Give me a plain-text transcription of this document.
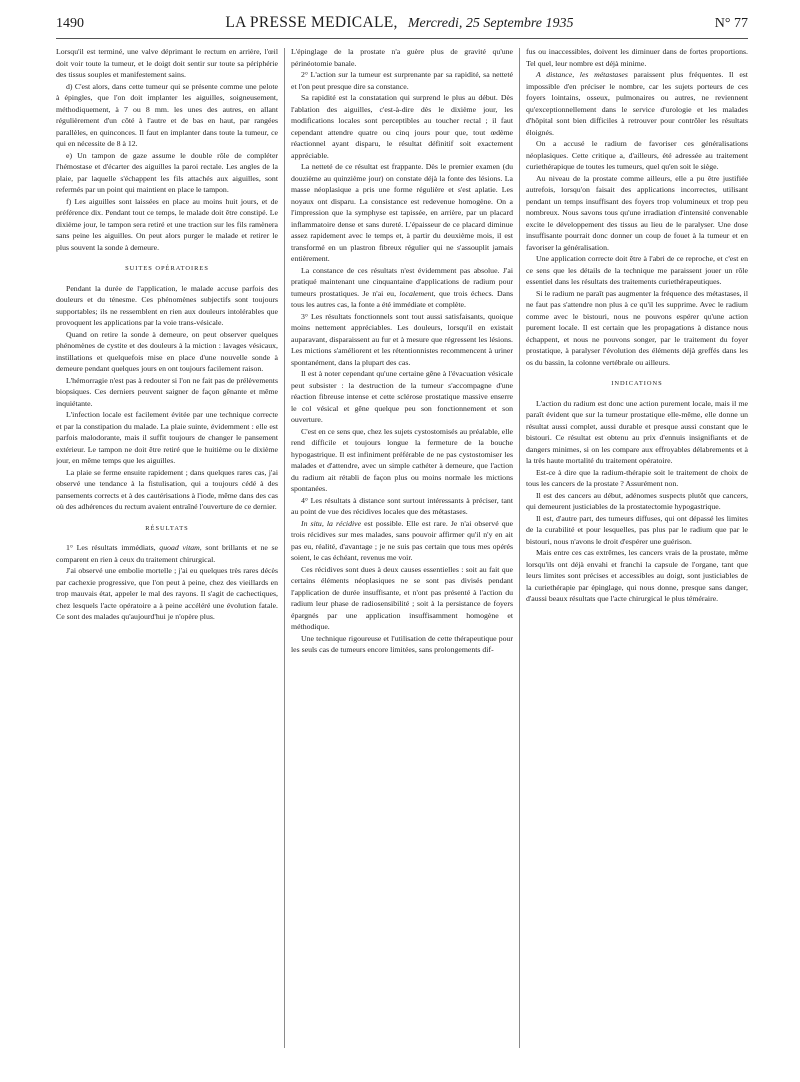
1490	LA PRESSE MEDICALE, Mercredi, 25 Septembre 1935	N° 77

Lorsqu'il est terminé, une valve déprimant le rectum en arrière, l'œil doit voir toute la tumeur, et le doigt doit sentir sur toute sa périphérie des tissus souples et manifestement sains.

d) C'est alors, dans cette tumeur qui se présente comme une pelote à épingles, que l'on doit implanter les aiguilles, soigneusement, méthodiquement, à 7 ou 8 mm. les unes des autres, en allant régulièrement d'un côté à l'autre et de bas en haut, par rangées parallèles, en quinconces. Il faut en implanter dans toute la tumeur, ce qui en nécessite de 8 à 12.

e) Un tampon de gaze assume le double rôle de compléter l'hémostase et d'écarter des aiguilles la paroi rectale. Les angles de la plaie, par laquelle s'échappent les fils attachés aux aiguilles, sont refermés par un point qui maintient en place le tampon.

f) Les aiguilles sont laissées en place au moins huit jours, et de préférence dix. Pendant tout ce temps, le malade doit être constipé. Le dixième jour, le tampon sera retiré et une traction sur les fils ramènera sans peine les aiguilles. On peut alors purger le malade et retirer le plus souvent la sonde à demeure.

SUITES OPÉRATOIRES

Pendant la durée de l'application, le malade accuse parfois des douleurs et du ténesme. Ces phénomènes subjectifs sont toujours supportables; ils ne ressemblent en rien aux douleurs intolérables que provoquent les applications par la voie trans-vésicale.

Quand on retire la sonde à demeure, on peut observer quelques phénomènes de cystite et des douleurs à la miction : lavages vésicaux, instillations et quelquefois mise en place d'une nouvelle sonde à demeure pendant quelques jours en ont toujours facilement raison.

L'hémorragie n'est pas à redouter si l'on ne fait pas de prélèvements biopsiques. Ces derniers peuvent saigner de façon gênante et même inquiétante.

L'infection locale est facilement évitée par une technique correcte et par la constipation du malade. La plaie suinte, évidemment : elle est parfois malodorante, mais il suffit toujours de changer le pansement extérieur. Le tampon ne doit être retiré que le huitième ou le dixième jour, en même temps que les aiguilles.

La plaie se ferme ensuite rapidement ; dans quelques rares cas, j'ai observé une tendance à la fistulisation, qui a toujours cédé à des pansements corrects et à des cautérisations à l'iode, même dans des cas où des adhérences du rectum avaient entraîné l'ouverture de ce dernier.

RÉSULTATS

1° Les résultats immédiats, quoad vitam, sont brillants et ne se comparent en rien à ceux du traitement chirurgical.

J'ai observé une embolie mortelle ; j'ai eu quelques très rares décès par cachexie progressive, que l'on peut à peine, chez des vieillards en trop mauvais état, appeler le mal des rayons. Il s'agit de cachectiques, chez lesquels l'acte opératoire a à peine accéléré une évolution fatale. Ce sont des malades qu'aujourd'hui je n'opère plus.

L'épinglage de la prostate n'a guère plus de gravité qu'une périnéotomie banale.

2° L'action sur la tumeur est surprenante par sa rapidité, sa netteté et l'on peut presque dire sa constance.

Sa rapidité est la constatation qui surprend le plus au début. Dès l'ablation des aiguilles, c'est-à-dire dès le dixième jour, les modifications locales sont perceptibles au toucher rectal ; il faut cependant attendre quatre ou cinq jours pour que, tout œdème réactionnel ayant disparu, le résultat définitif soit exactement appréciable.

La netteté de ce résultat est frappante. Dès le premier examen (du douzième au quinzième jour) on constate déjà la fonte des lésions. La masse néoplasique a pris une forme régulière et s'est aplatie. Les noyaux ont disparu. La consistance est redevenue homogène. On a l'impression que la symphyse est tapissée, en arrière, par un placard inflammatoire dense et sans dureté. L'épaisseur de ce placard diminue assez rapidement avec le temps et, à partir du deuxième mois, il est transformé en un plastron fibreux régulier qui ne s'assouplit jamais entièrement.

La constance de ces résultats n'est évidemment pas absolue. J'ai pratiqué maintenant une cinquantaine d'applications de radium pour tumeurs prostatiques. Je n'ai eu, localement, que trois échecs. Dans tous les autres cas, la fonte a été immédiate et complète.

3° Les résultats fonctionnels sont tout aussi satisfaisants, quoique moins nettement appréciables. Les douleurs, lorsqu'il en existait auparavant, disparaissent au fur et à mesure que régressent les lésions. Les mictions s'améliorent et les rétentionnistes recommencent à uriner spontanément, dans la plupart des cas.

Il est à noter cependant qu'une certaine gêne à l'évacuation vésicale peut subsister : la destruction de la tumeur s'accompagne d'une réaction fibreuse intense et cette sclérose prostatique massive enserre le col vésical et gêne quelque peu son fonctionnement et son ouverture.

C'est en ce sens que, chez les sujets cystostomisés au préalable, elle rend difficile et toujours longue la fermeture de la bouche hypogastrique. Il est infiniment préférable de ne pas cystostomiser les malades et d'attendre, avec un simple cathéter à demeure, que l'action du radium ait rétabli de façon plus ou moins normale les mictions spontanées.

4° Les résultats à distance sont surtout intéressants à préciser, tant au point de vue des récidives locales que des métastases.

In situ, la récidive est possible. Elle est rare. Je n'ai observé que trois récidives sur mes malades, sans pouvoir affirmer qu'il n'y en ait pas eu, réalité, d'avantage ; je ne suis pas certain que tous mes opérés soient, le cas échéant, revenus me voir.

Ces récidives sont dues à deux causes essentielles : soit au fait que certains éléments néoplasiques ne se sont pas divisés pendant l'application de durée insuffisante, et n'ont pas présenté à l'action du radium leur phase de radiosensibilité ; soit à la persistance de foyers épargnés par une application insuffisamment homogène et méthodique.

Une technique rigoureuse et l'utilisation de cette thérapeutique pour les seuls cas de tumeurs encore limitées, sans prolongements dif-

fus ou inaccessibles, doivent les diminuer dans de fortes proportions. Tel quel, leur nombre est déjà minime.

A distance, les métastases paraissent plus fréquentes. Il est impossible d'en préciser le nombre, car les sujets porteurs de ces foyers lointains, osseux, pulmonaires ou autres, ne reviennent qu'exceptionnellement dans le service d'urologie et les malades d'hôpital sont bien difficiles à retrouver pour contrôler les résultats éloignés.

On a accusé le radium de favoriser ces généralisations néoplasiques. Cette critique a, d'ailleurs, été adressée au traitement curiethérapique de toutes les tumeurs, quel qu'en soit le siège.

Au niveau de la prostate comme ailleurs, elle a pu être justifiée autrefois, lorsqu'on faisait des applications incorrectes, utilisant pendant un temps insuffisant des foyers trop volumineux et trop peu nombreux. Nous savons tous qu'une irradiation d'intensité convenable excite le développement des tissus au lieu de le paralyser. Une dose insuffisante pourrait donc donner un coup de fouet à la tumeur et en favoriser la généralisation.

Une application correcte doit être à l'abri de ce reproche, et c'est en ce sens que les détails de la technique me paraissent jouer un rôle essentiel dans les résultats des traitements curiethérapeutiques.

Si le radium ne paraît pas augmenter la fréquence des métastases, il ne faut pas s'attendre non plus à ce qu'il les supprime. Avec le radium comme avec le bistouri, nous ne pouvons espérer qu'une action purement locale. Il est certain que les propagations à distance nous échappent, et nous ne pouvons songer, par le traitement du foyer prostatique, à paralyser l'évolution des éléments déjà greffés dans les os du bassin, la colonne vertébrale ou ailleurs.

INDICATIONS

L'action du radium est donc une action purement locale, mais il me paraît évident que sur la tumeur prostatique elle-même, elle donne un résultat aussi complet, aussi durable et presque aussi constant que le bistouri. Ce résultat est obtenu au prix d'ennuis insignifiants et de dangers minimes, si on les compare aux effroyables délabrements et à la très haute mortalité du traitement opératoire.

Est-ce à dire que la radium-thérapie soit le traitement de choix de tous les cancers de la prostate ? Assurément non.

Il est des cancers au début, adénomes suspects plutôt que cancers, qui demeurent justiciables de la prostatectomie hypogastrique.

Il est, d'autre part, des tumeurs diffuses, qui ont dépassé les limites de la curabilité et pour lesquelles, pas plus par le radium que par le bistouri, nous n'avons le droit d'espérer une guérison.

Mais entre ces cas extrêmes, les cancers vrais de la prostate, même lorsqu'ils ont déjà envahi et franchi la capsule de l'organe, tant que leurs limites sont précises et accessibles au doigt, sont justiciables de la curiethérapie par épinglage, qui nous donne, presque sans danger, d'aussi beaux résultats que l'acte chirurgical le plus téméraire.
